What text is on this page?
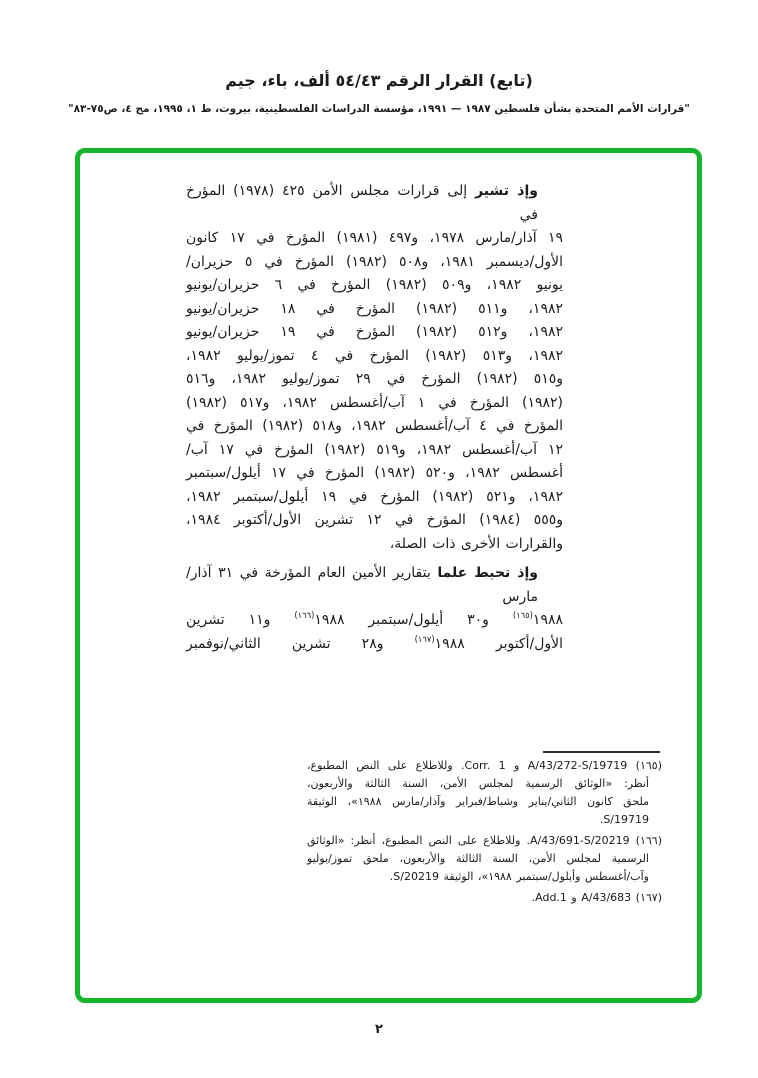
(تابع) القرار الرقم ٤٣‏/‏٥٤ ألف، باء، جيم
"قرارات الأمم المتحدة بشأن فلسطين ١٩٨٧ — ١٩٩١، مؤسسة الدراسات الفلسطينية، بيروت، ط ١، ١٩٩٥، مج ٤، ص٧٥-٨٣"
وإذ تشير إلى قرارات مجلس الأمن ٤٢٥ (١٩٧٨) المؤرخ في
١٩ آذار/مارس ١٩٧٨، و٤٩٧ (١٩٨١) المؤرخ في ١٧ كانون
الأول/ديسمبر ١٩٨١، و٥٠٨ (١٩٨٢) المؤرخ في ٥ حزيران/
يونيو ١٩٨٢، و٥٠٩ (١٩٨٢) المؤرخ في ٦ حزيران/يونيو
١٩٨٢، و٥١١ (١٩٨٢) المؤرخ في ١٨ حزيران/يونيو
١٩٨٢، و٥١٢ (١٩٨٢) المؤرخ في ١٩ حزيران/يونيو
١٩٨٢، و٥١٣ (١٩٨٢) المؤرخ في ٤ تموز/يوليو ١٩٨٢،
و٥١٥ (١٩٨٢) المؤرخ في ٢٩ تموز/يوليو ١٩٨٢، و٥١٦
(١٩٨٢) المؤرخ في ١ آب/أغسطس ١٩٨٢، و٥١٧ (١٩٨٢)
المؤرخ في ٤ آب/أغسطس ١٩٨٢، و٥١٨ (١٩٨٢) المؤرخ في
١٢ آب/أغسطس ١٩٨٢، و٥١٩ (١٩٨٢) المؤرخ في ١٧ آب/
أغسطس ١٩٨٢، و٥٢٠ (١٩٨٢) المؤرخ في ١٧ أيلول/سبتمبر
١٩٨٢، و٥٢١ (١٩٨٢) المؤرخ في ١٩ أيلول/سبتمبر ١٩٨٢،
و٥٥٥ (١٩٨٤) المؤرخ في ١٢ تشرين الأول/أكتوبر ١٩٨٤،
والقرارات الأخرى ذات الصلة،
وإذ تحيط علما بتقارير الأمين العام المؤرخة في ٣١ آذار/مارس
١٩٨٨$^{(١٦٥)}$ و٣٠ أيلول/سبتمبر ١٩٨٨$^{(١٦٦)}$ و١١ تشرين
الأول/أكتوبر ١٩٨٨$^{(١٦٧)}$ و٢٨ تشرين الثاني/نوفمبر
(١٦٥) A/43/272-S/19719 و Corr. 1. وللاطلاع على النص المطبوع،
أنظر: «الوثائق الرسمية لمجلس الأمن، السنة الثالثة والأربعون،
ملحق كانون الثاني/يناير وشباط/فبراير وآذار/مارس ١٩٨٨»، الوثيقة
S/19719.
(١٦٦) A/43/691-S/20219. وللاطلاع على النص المطبوع، أنظر: «الوثائق
الرسمية لمجلس الأمن، السنة الثالثة والأربعون، ملحق تموز/يوليو
وآب/أغسطس وأيلول/سبتمبر ١٩٨٨»، الوثيقة S/20219.
(١٦٧) A/43/683 و Add.1.
٢
